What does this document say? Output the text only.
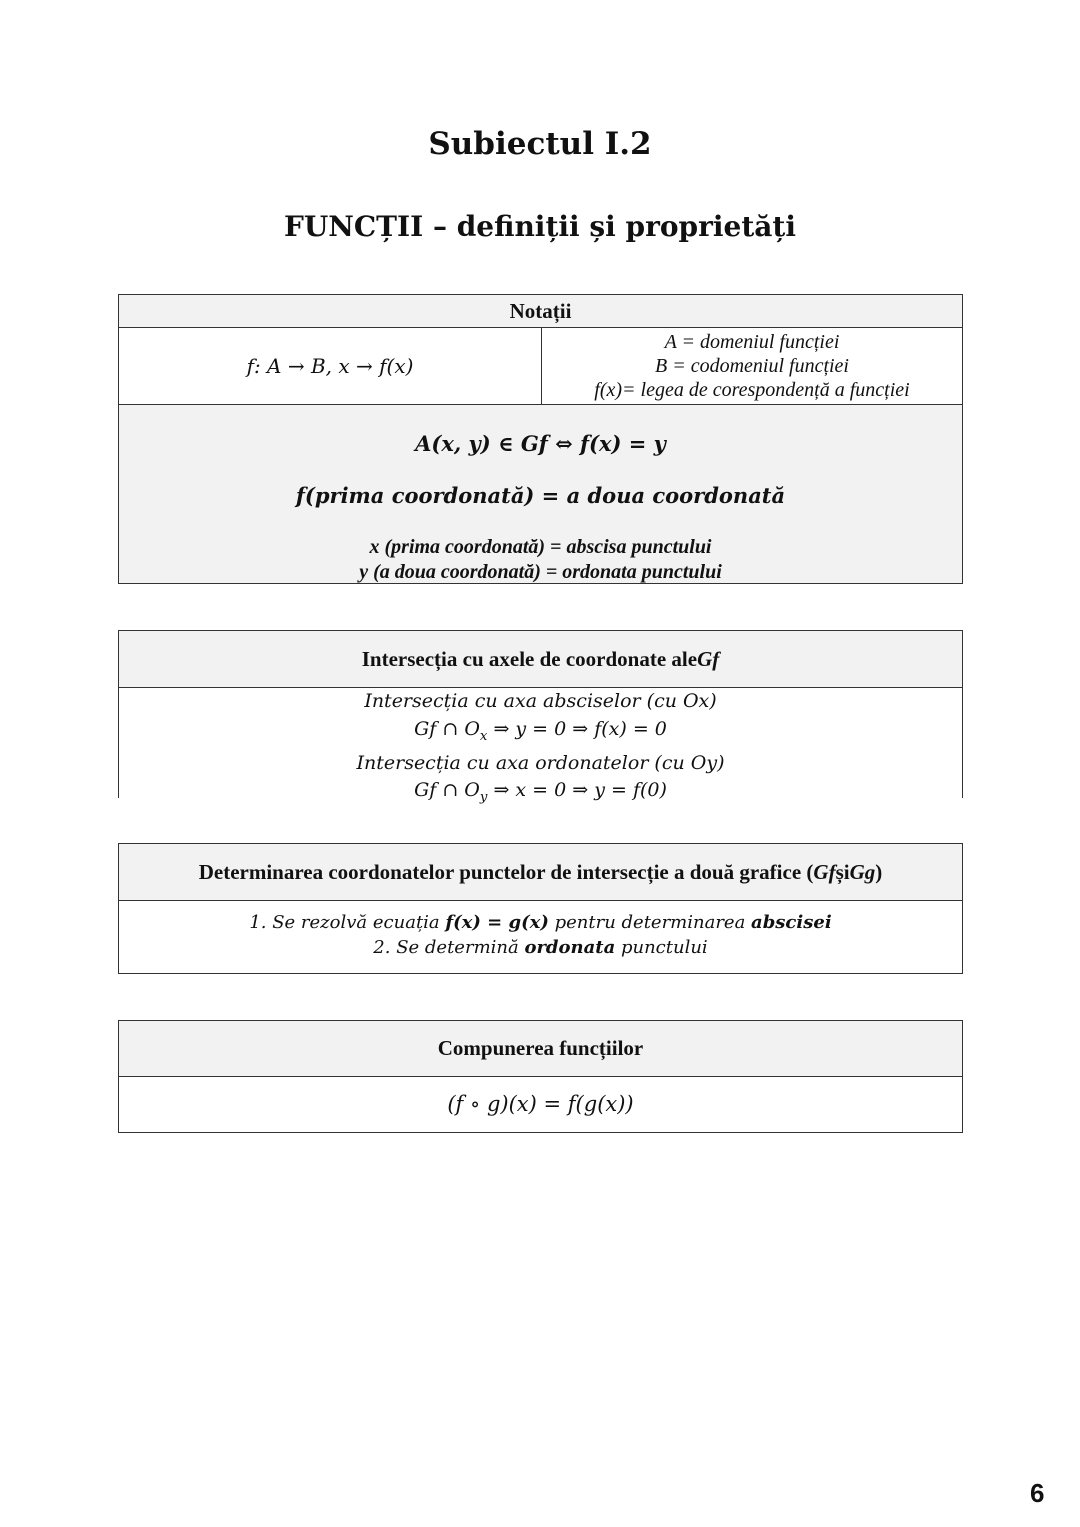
Subiectul I.2
FUNCȚII – definiții și proprietăți
Notații
f: A → B, x → f(x)
A = domeniul funcției
B = codomeniul funcției
f(x)= legea de corespondență a funcției
A(x, y) ∈ Gf ⇔ f(x) = y
f(prima coordonată) = a doua coordonată
x (prima coordonată) = abscisa punctului
y (a doua coordonată) = ordonata punctului
Intersecția cu axele de coordonate ale Gf
Intersecția cu axa absciselor (cu Ox)
Gf ∩ $O_x$ ⇒ y = 0 ⇒ f(x) = 0
Intersecția cu axa ordonatelor (cu Oy)
Gf ∩ $O_y$ ⇒ x = 0 ⇒ y = f(0)
Determinarea coordonatelor punctelor de intersecție a două grafice ( Gf și Gg )
1. Se rezolvă ecuația f(x) = g(x) pentru determinarea abscisei
2. Se determină ordonata punctului
Compunerea funcțiilor
(f ∘ g)(x) = f(g(x))
6
